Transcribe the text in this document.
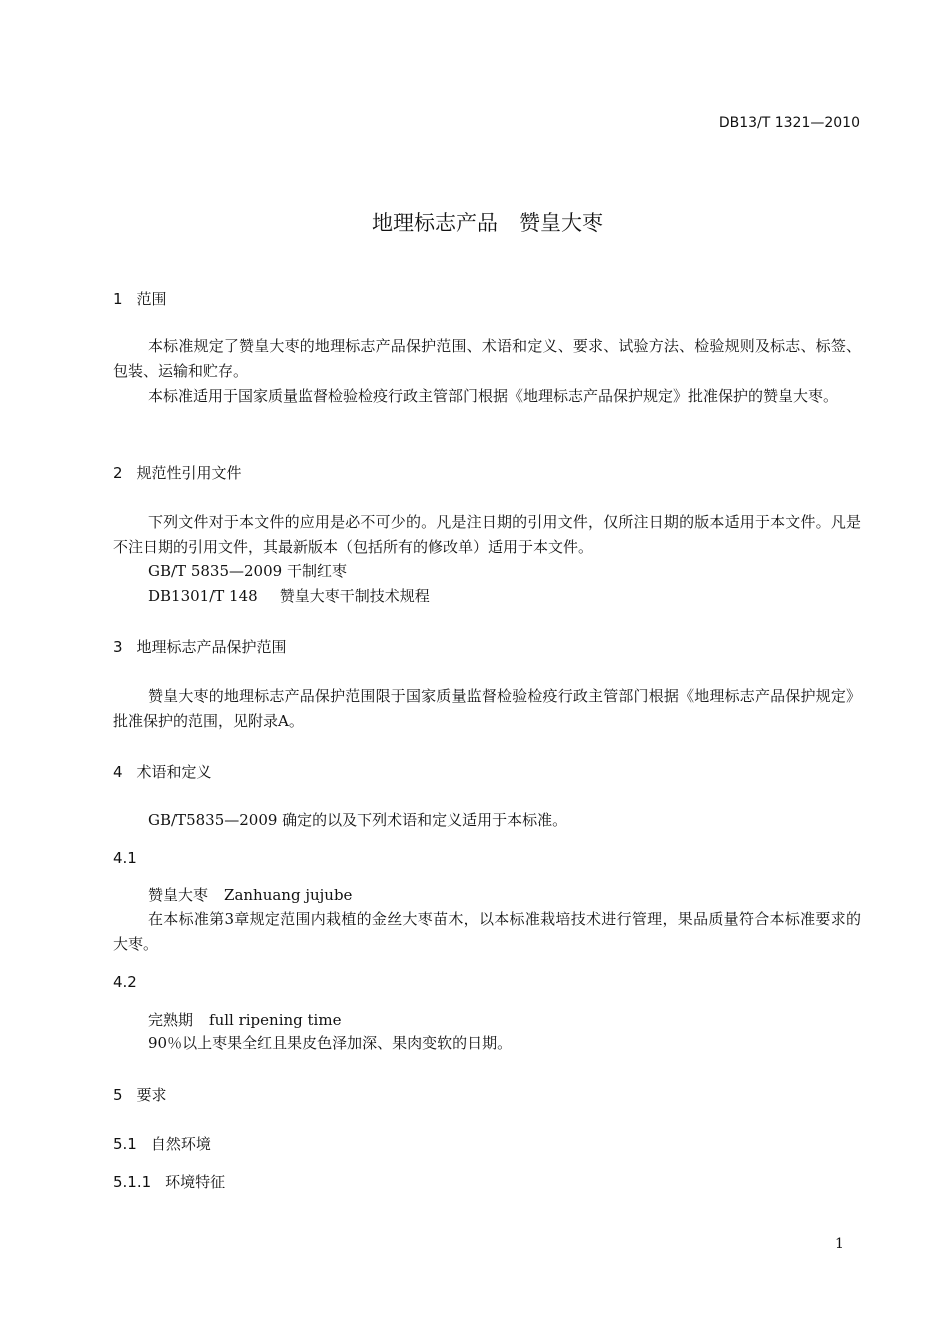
DB13/T 1321—2010
地理标志产品　赞皇大枣
1 范围
本标准规定了赞皇大枣的地理标志产品保护范围、术语和定义、要求、试验方法、检验规则及标志、标签、包装、运输和贮存。
本标准适用于国家质量监督检验检疫行政主管部门根据《地理标志产品保护规定》批准保护的赞皇大枣。
2 规范性引用文件
下列文件对于本文件的应用是必不可少的。凡是注日期的引用文件，仅所注日期的版本适用于本文件。凡是不注日期的引用文件，其最新版本（包括所有的修改单）适用于本文件。
GB/T 5835—2009 干制红枣
DB1301/T 148 赞皇大枣干制技术规程
3 地理标志产品保护范围
赞皇大枣的地理标志产品保护范围限于国家质量监督检验检疫行政主管部门根据《地理标志产品保护规定》批准保护的范围，见附录A。
4 术语和定义
GB/T5835—2009 确定的以及下列术语和定义适用于本标准。
4.1
赞皇大枣 Zanhuang jujube
在本标准第3章规定范围内栽植的金丝大枣苗木，以本标准栽培技术进行管理，果品质量符合本标准要求的大枣。
4.2
完熟期 full ripening time
90％以上枣果全红且果皮色泽加深、果肉变软的日期。
5 要求
5.1 自然环境
5.1.1 环境特征
1
